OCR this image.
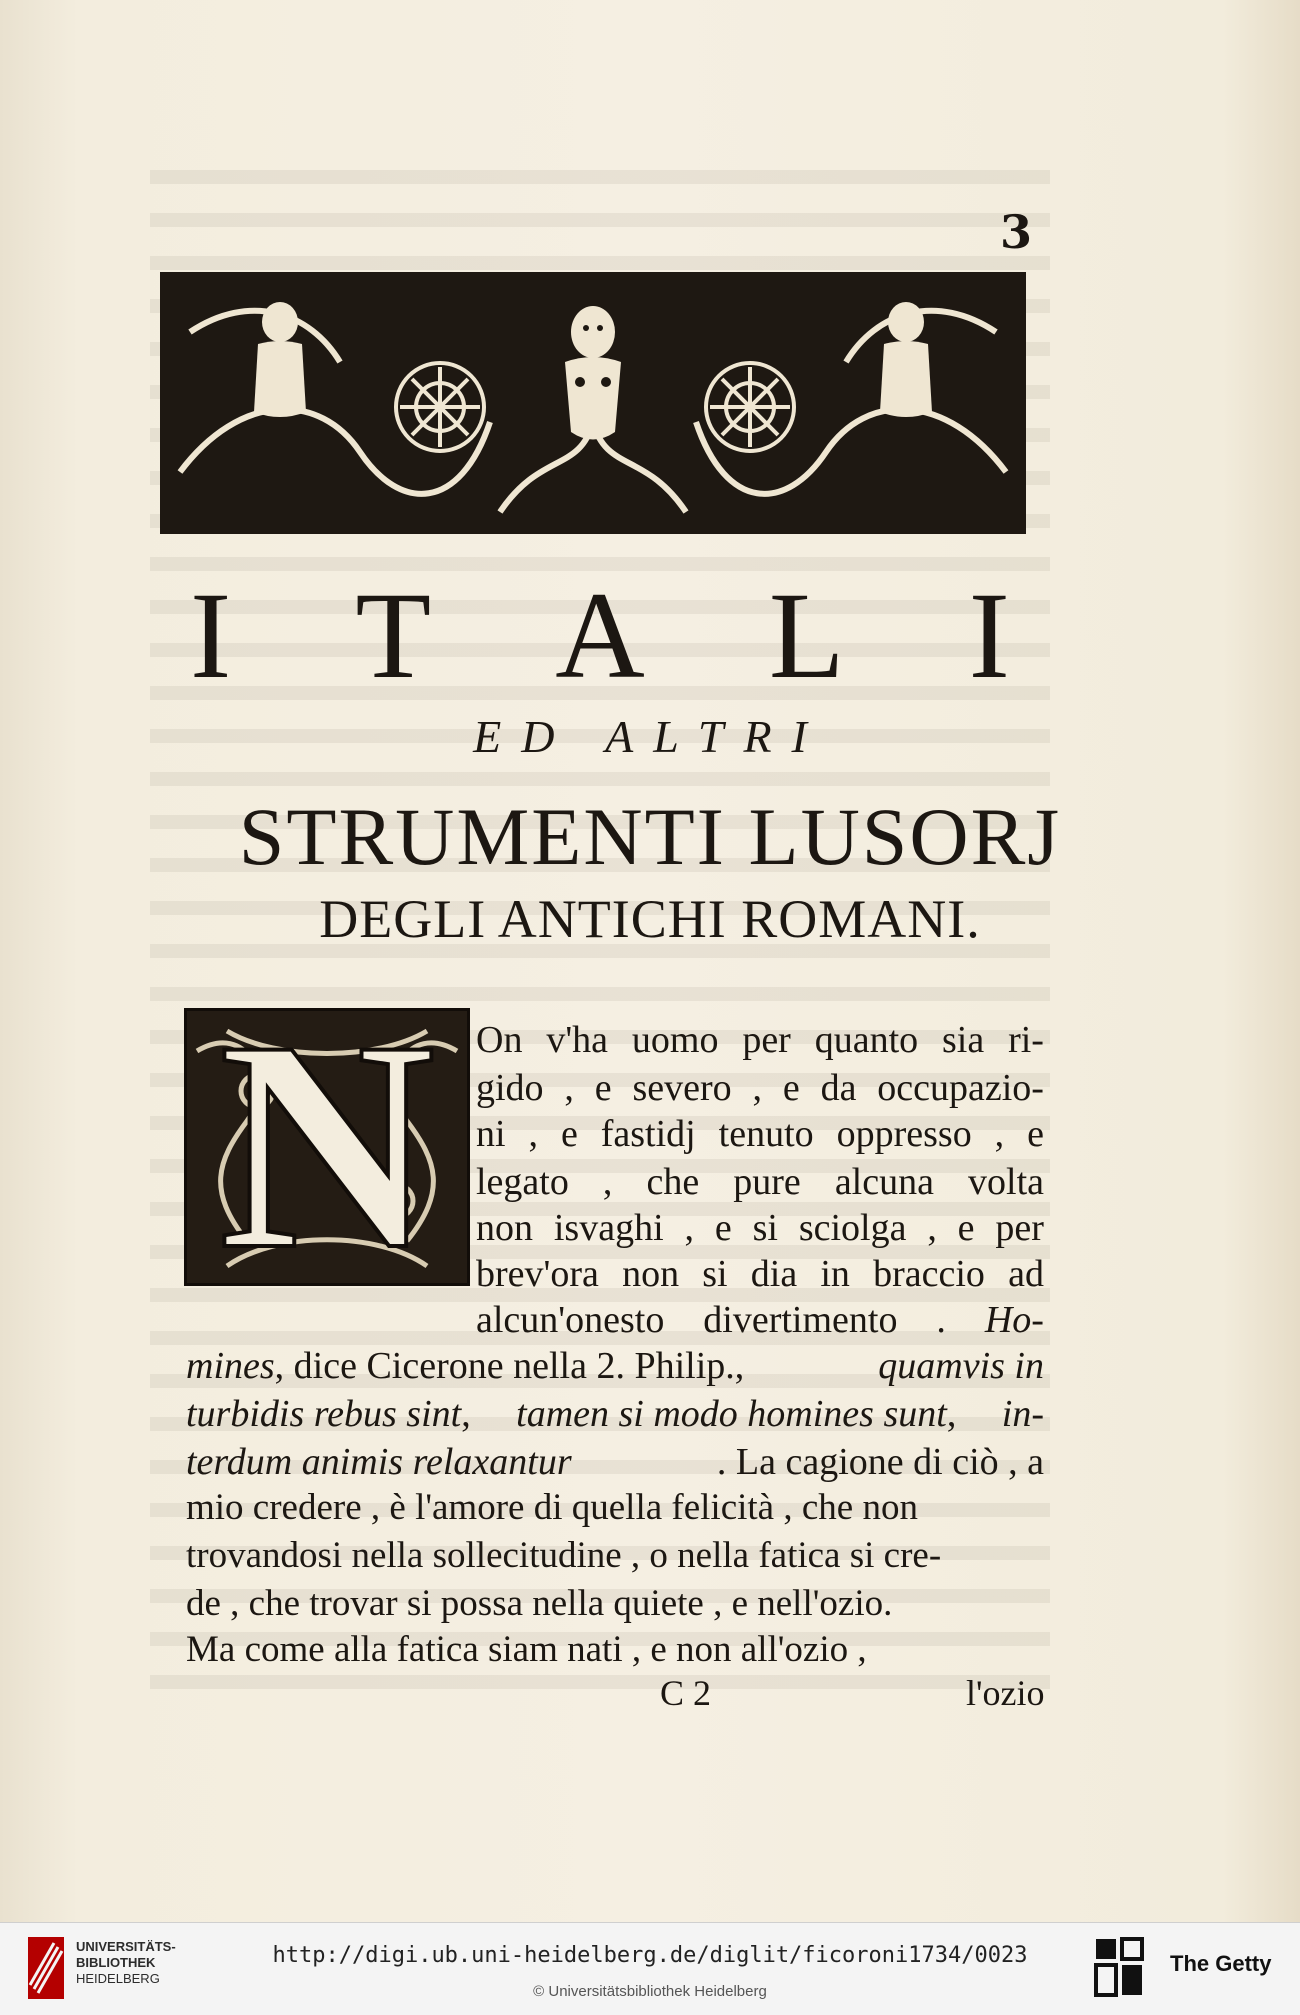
3
I T A L I
ED ALTRI
STRUMENTI LUSORJ
DEGLI ANTICHI ROMANI.
N	On v'ha uomo per quanto sia ri-
gido , e severo , e da occupazio-
ni , e fastidj tenuto oppresso , e
legato , che pure alcuna volta
non isvaghi , e si sciolga , e per
brev'ora non si dia in braccio ad
alcun'onesto divertimento . Ho-
mines, dice Cicerone nella 2. Philip.,	quamvis in
turbidis rebus sint, tamen si modo homines sunt, in-
terdum animis relaxantur	. La cagione di ciò , a
mio credere , è l'amore di quella felicità , che non
trovandosi nella sollecitudine , o nella fatica si cre-
de , che trovar si possa nella quiete , e nell'ozio.
Ma come alla fatica siam nati , e non all'ozio ,
C 2	l'ozio
UNIVERSITÄTS-
BIBLIOTHEK
HEIDELBERG
http://digi.ub.uni-heidelberg.de/diglit/ficoroni1734/0023
© Universitätsbibliothek Heidelberg
The Getty
